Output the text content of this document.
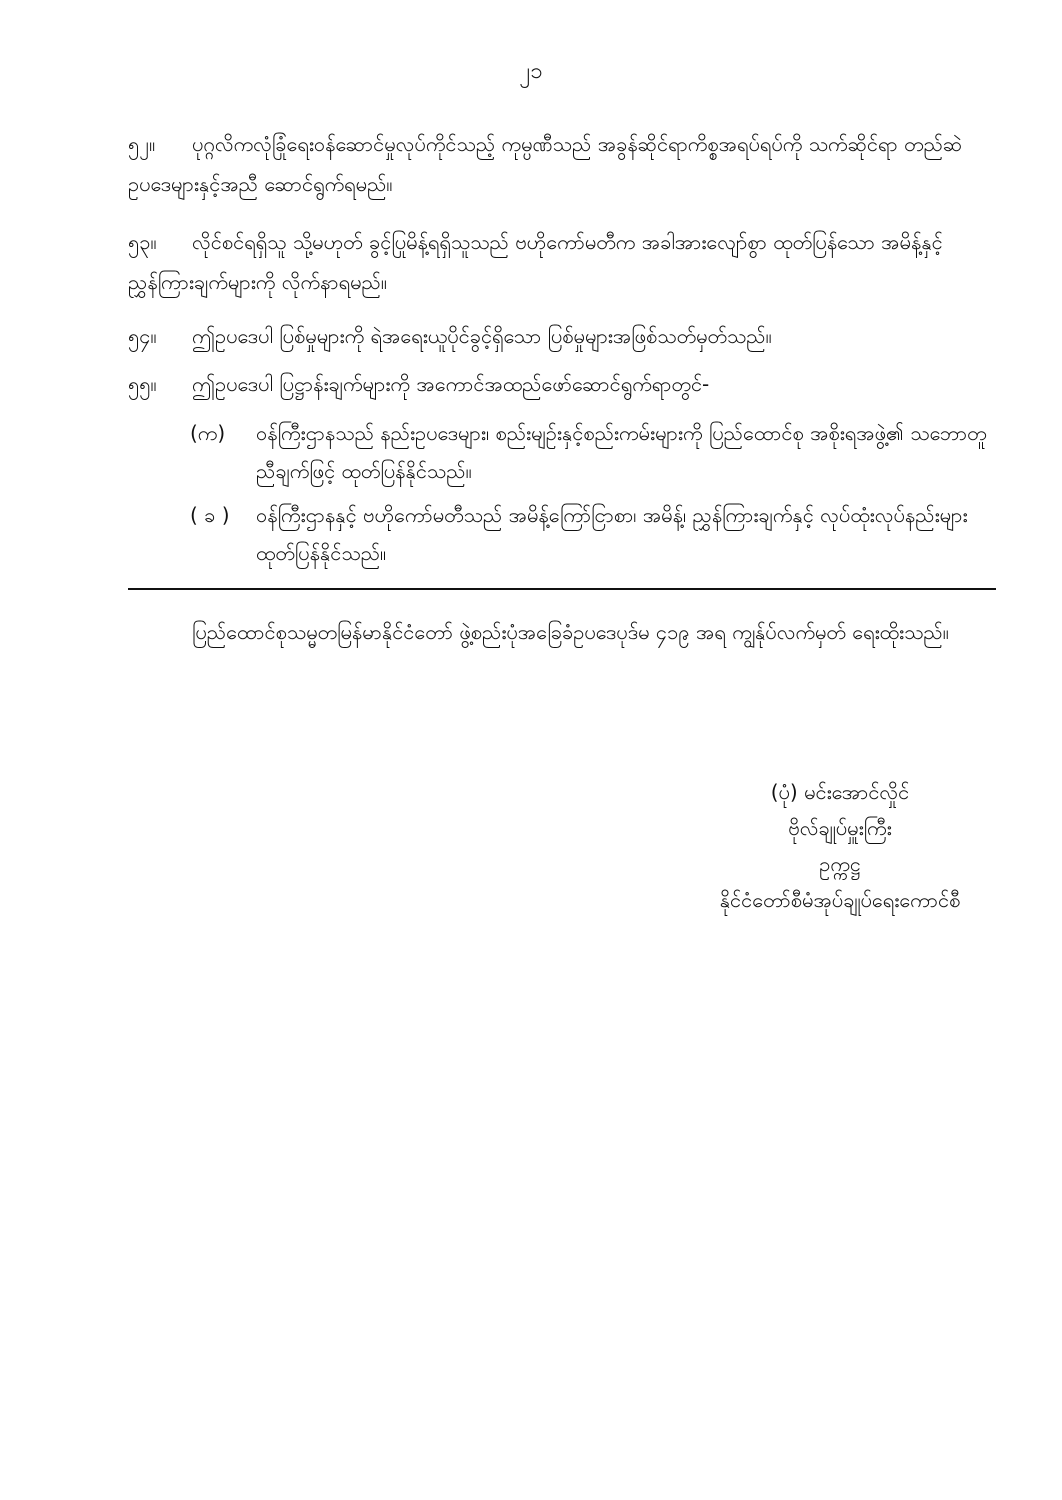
၂၁
၅၂။ ပုဂ္ဂလိကလုံခြုံရေးဝန်ဆောင်မှုလုပ်ကိုင်သည့် ကုမ္ပဏီသည် အခွန်ဆိုင်ရာကိစ္စအရပ်ရပ်ကို သက်ဆိုင်ရာ တည်ဆဲဥပဒေများနှင့်အညီ ဆောင်ရွက်ရမည်။
၅၃။ လိုင်စင်ရရှိသူ သို့မဟုတ် ခွင့်ပြုမိန့်ရရှိသူသည် ဗဟိုကော်မတီက အခါအားလျော်စွာ ထုတ်ပြန်သော အမိန့်နှင့်ညွှန်ကြားချက်များကို လိုက်နာရမည်။
၅၄။ ဤဥပဒေပါ ပြစ်မှုများကို ရဲအရေးယူပိုင်ခွင့်ရှိသော ပြစ်မှုများအဖြစ်သတ်မှတ်သည်။
၅၅။ ဤဥပဒေပါ ပြဋ္ဌာန်းချက်များကို အကောင်အထည်ဖော်ဆောင်ရွက်ရာတွင်-
(က) ဝန်ကြီးဌာနသည် နည်းဥပဒေများ၊ စည်းမျဉ်းနှင့်စည်းကမ်းများကို ပြည်ထောင်စု အစိုးရအဖွဲ့၏ သဘောတူညီချက်ဖြင့် ထုတ်ပြန်နိုင်သည်။
( ခ ) ဝန်ကြီးဌာနနှင့် ဗဟိုကော်မတီသည် အမိန့်ကြော်ငြာစာ၊ အမိန့်၊ ညွှန်ကြားချက်နှင့် လုပ်ထုံးလုပ်နည်းများ ထုတ်ပြန်နိုင်သည်။
ပြည်ထောင်စုသမ္မတမြန်မာနိုင်ငံတော် ဖွဲ့စည်းပုံအခြေခံဥပဒေပုဒ်မ ၄၁၉ အရ ကျွန်ုပ်လက်မှတ် ရေးထိုးသည်။
(ပုံ) မင်းအောင်လှိုင်
ဗိုလ်ချုပ်မှူးကြီး
ဥက္ကဋ္ဌ
နိုင်ငံတော်စီမံအုပ်ချုပ်ရေးကောင်စီ
